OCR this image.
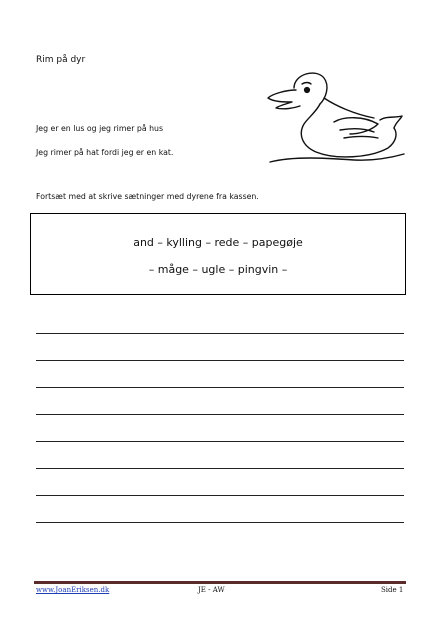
Rim på dyr
Jeg er en lus og jeg rimer på hus
Jeg rimer på hat fordi jeg er en kat.
Fortsæt med at skrive sætninger med dyrene fra kassen.
and – kylling – rede – papegøje
– måge – ugle – pingvin –
www.JoanEriksen.dk	JE - AW	Side 1
